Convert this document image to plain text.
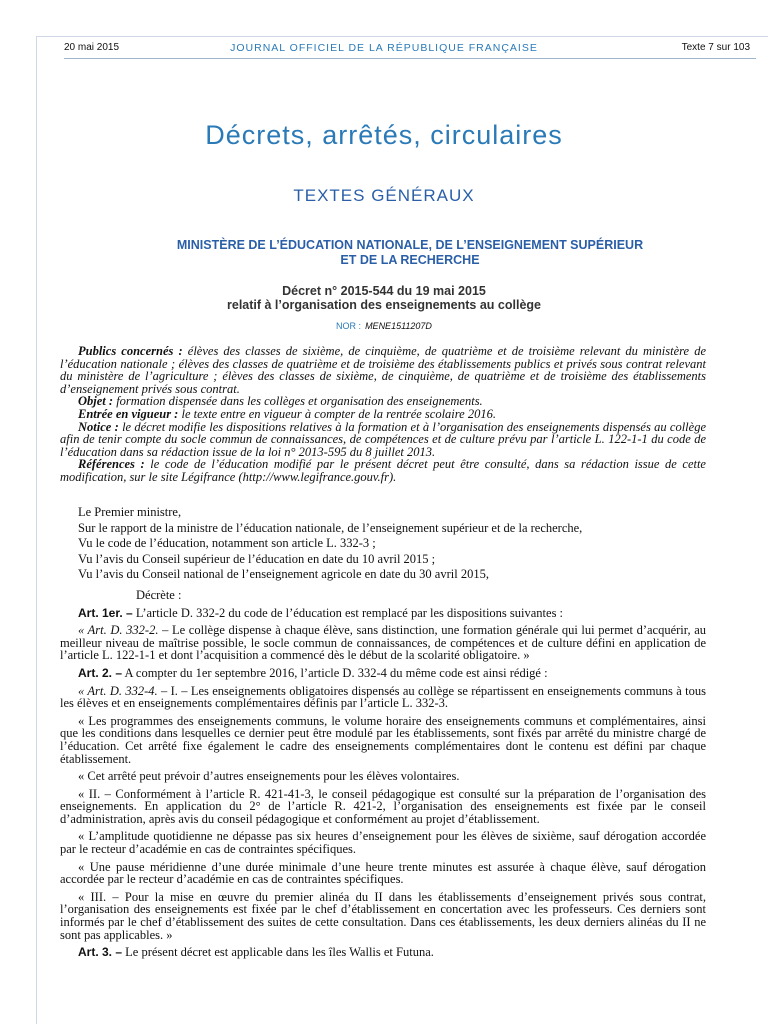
20 mai 2015	JOURNAL OFFICIEL DE LA RÉPUBLIQUE FRANÇAISE	Texte 7 sur 103
Décrets, arrêtés, circulaires
TEXTES GÉNÉRAUX
MINISTÈRE DE L’ÉDUCATION NATIONALE, DE L’ENSEIGNEMENT SUPÉRIEUR
ET DE LA RECHERCHE
Décret n° 2015-544 du 19 mai 2015
relatif à l’organisation des enseignements au collège
NOR : MENE1511207D

Publics concernés : élèves des classes de sixième, de cinquième, de quatrième et de troisième relevant du ministère de l’éducation nationale ; élèves des classes de quatrième et de troisième des établissements publics et privés sous contrat relevant du ministère de l’agriculture ; élèves des classes de sixième, de cinquième, de quatrième et de troisième des établissements d’enseignement privés sous contrat.

Objet : formation dispensée dans les collèges et organisation des enseignements.

Entrée en vigueur : le texte entre en vigueur à compter de la rentrée scolaire 2016.

Notice : le décret modifie les dispositions relatives à la formation et à l’organisation des enseignements dispensés au collège afin de tenir compte du socle commun de connaissances, de compétences et de culture prévu par l’article L. 122-1-1 du code de l’éducation dans sa rédaction issue de la loi n° 2013-595 du 8 juillet 2013.

Références : le code de l’éducation modifié par le présent décret peut être consulté, dans sa rédaction issue de cette modification, sur le site Légifrance (http://www.legifrance.gouv.fr).

Le Premier ministre,

Sur le rapport de la ministre de l’éducation nationale, de l’enseignement supérieur et de la recherche,

Vu le code de l’éducation, notamment son article L. 332-3 ;

Vu l’avis du Conseil supérieur de l’éducation en date du 10 avril 2015 ;

Vu l’avis du Conseil national de l’enseignement agricole en date du 30 avril 2015,

Décrète :

Art. 1er. – L’article D. 332-2 du code de l’éducation est remplacé par les dispositions suivantes :

« Art. D. 332-2. – Le collège dispense à chaque élève, sans distinction, une formation générale qui lui permet d’acquérir, au meilleur niveau de maîtrise possible, le socle commun de connaissances, de compétences et de culture défini en application de l’article L. 122-1-1 et dont l’acquisition a commencé dès le début de la scolarité obligatoire. »

Art. 2. – A compter du 1er septembre 2016, l’article D. 332-4 du même code est ainsi rédigé :

« Art. D. 332-4. – I. – Les enseignements obligatoires dispensés au collège se répartissent en enseignements communs à tous les élèves et en enseignements complémentaires définis par l’article L. 332-3.

« Les programmes des enseignements communs, le volume horaire des enseignements communs et complémentaires, ainsi que les conditions dans lesquelles ce dernier peut être modulé par les établissements, sont fixés par arrêté du ministre chargé de l’éducation. Cet arrêté fixe également le cadre des enseignements complémentaires dont le contenu est défini par chaque établissement.

« Cet arrêté peut prévoir d’autres enseignements pour les élèves volontaires.

« II. – Conformément à l’article R. 421-41-3, le conseil pédagogique est consulté sur la préparation de l’organisation des enseignements. En application du 2° de l’article R. 421-2, l’organisation des enseignements est fixée par le conseil d’administration, après avis du conseil pédagogique et conformément au projet d’établissement.

« L’amplitude quotidienne ne dépasse pas six heures d’enseignement pour les élèves de sixième, sauf dérogation accordée par le recteur d’académie en cas de contraintes spécifiques.

« Une pause méridienne d’une durée minimale d’une heure trente minutes est assurée à chaque élève, sauf dérogation accordée par le recteur d’académie en cas de contraintes spécifiques.

« III. – Pour la mise en œuvre du premier alinéa du II dans les établissements d’enseignement privés sous contrat, l’organisation des enseignements est fixée par le chef d’établissement en concertation avec les professeurs. Ces derniers sont informés par le chef d’établissement des suites de cette consultation. Dans ces établissements, les deux derniers alinéas du II ne sont pas applicables. »

Art. 3. – Le présent décret est applicable dans les îles Wallis et Futuna.
